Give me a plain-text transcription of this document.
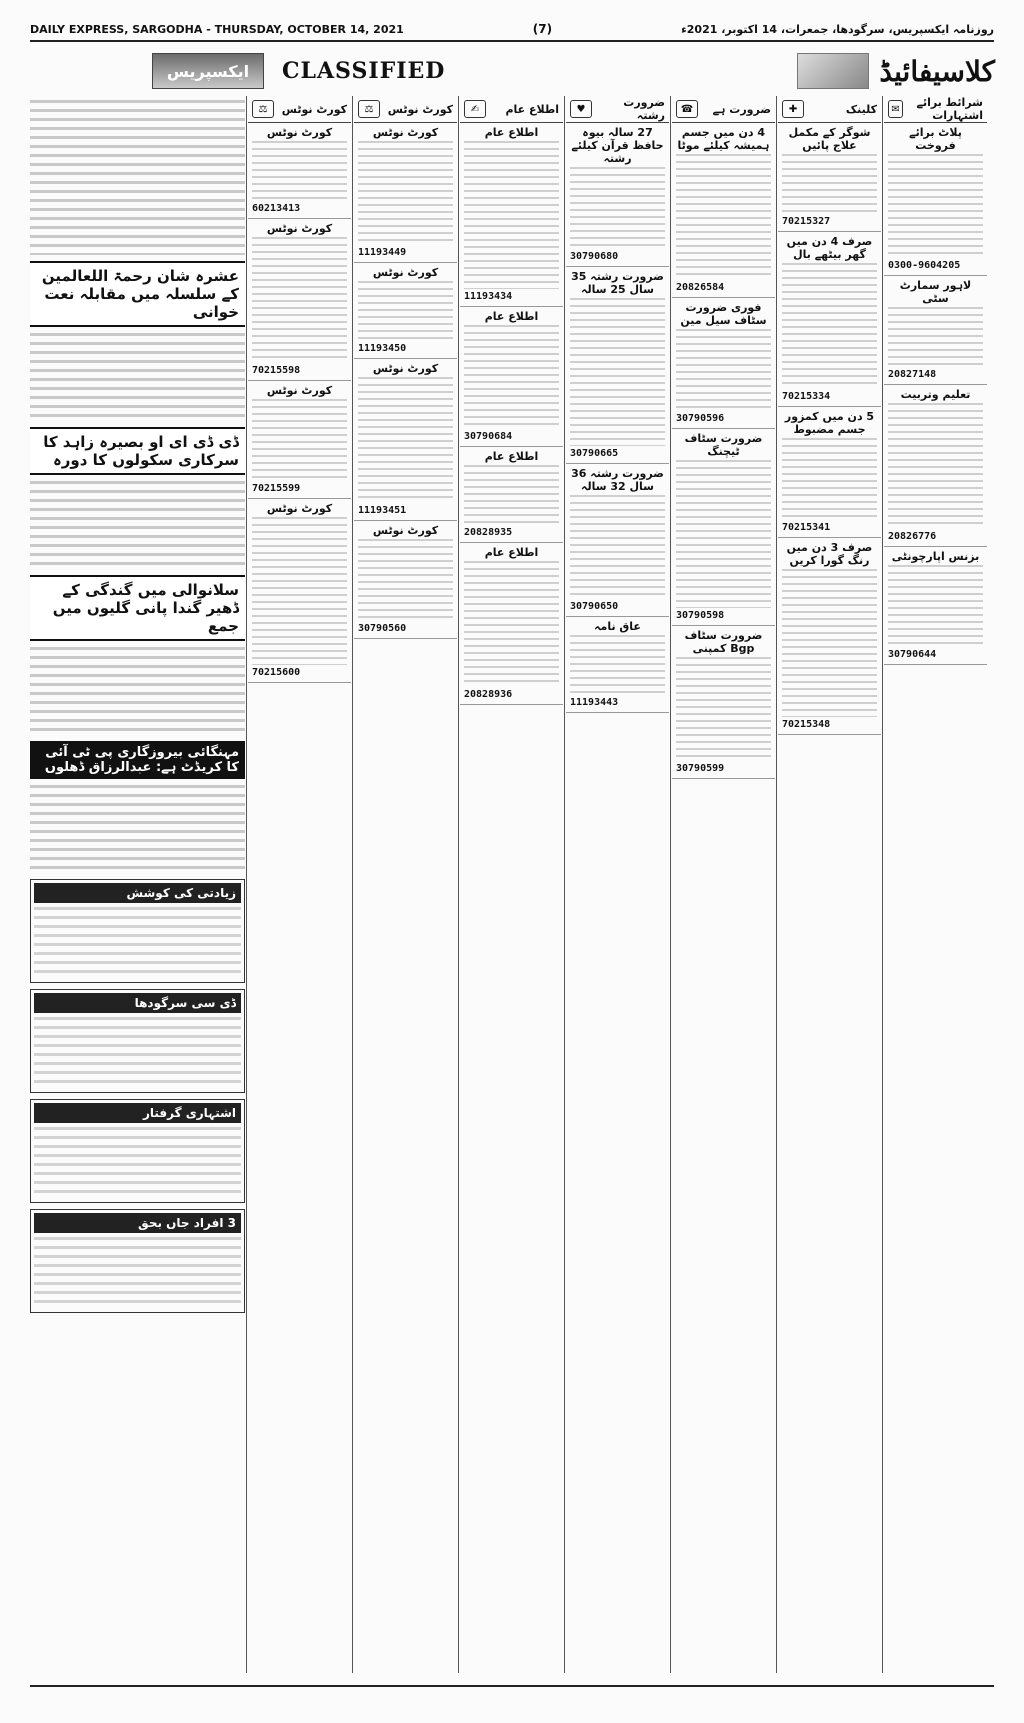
DAILY EXPRESS, SARGODHA - THURSDAY, OCTOBER 14, 2021	(7)	روزنامہ ایکسپریس، سرگودھا، جمعرات، 14 اکتوبر، 2021ء
ایکسپریس	CLASSIFIED	کلاسیفائیڈ
عشرہ شان رحمۃ اللعالمین کے سلسلہ میں مقابلہ نعت خوانی
ڈی ڈی ای او بصیرہ زاہد کا سرکاری سکولوں کا دورہ
سلانوالی میں گندگی کے ڈھیر گندا پانی گلیوں میں جمع
مہنگائی بیروزگاری پی ٹی آئی کا کریڈٹ ہے: عبدالرزاق ڈھلوں
زیادتی کی کوشش
ڈی سی سرگودھا
اشتہاری گرفتار
3 افراد جاں بحق
کورٹ نوٹس
⚖
کورٹ نوٹس
60213413
کورٹ نوٹس
70215598
کورٹ نوٹس
70215599
کورٹ نوٹس
70215600
کورٹ نوٹس
⚖
کورٹ نوٹس
11193449
کورٹ نوٹس
11193450
کورٹ نوٹس
11193451
کورٹ نوٹس
30790560
اطلاع عام
✍
اطلاع عام
11193434
اطلاع عام
30790684
اطلاع عام
20828935
اطلاع عام
20828936
ضرورت رشتہ
♥
27 سالہ بیوہ حافظ قرآن کیلئے رشتہ
30790680
ضرورت رشتہ 35 سال 25 سالہ
30790665
ضرورت رشتہ 36 سال 32 سالہ
30790650
عاق نامہ
11193443
ضرورت ہے
☎
4 دن میں جسم ہمیشہ کیلئے موٹا
20826584
فوری ضرورت سٹاف سیل مین
30790596
ضرورت سٹاف ٹیچنگ
30790598
ضرورت سٹاف Bgp کمپنی
30790599
کلینک
✚
شوگر کے مکمل علاج پائیں
70215327
صرف 4 دن میں گھر بیٹھے بال
70215334
5 دن میں کمزور جسم مضبوط
70215341
صرف 3 دن میں رنگ گورا کریں
70215348
شرائط برائے اشتہارات
✉
پلاٹ برائے فروخت
0300-9604205
لاہور سمارٹ سٹی
20827148
تعلیم وتربیت
20826776
بزنس اپارچونٹی
30790644
